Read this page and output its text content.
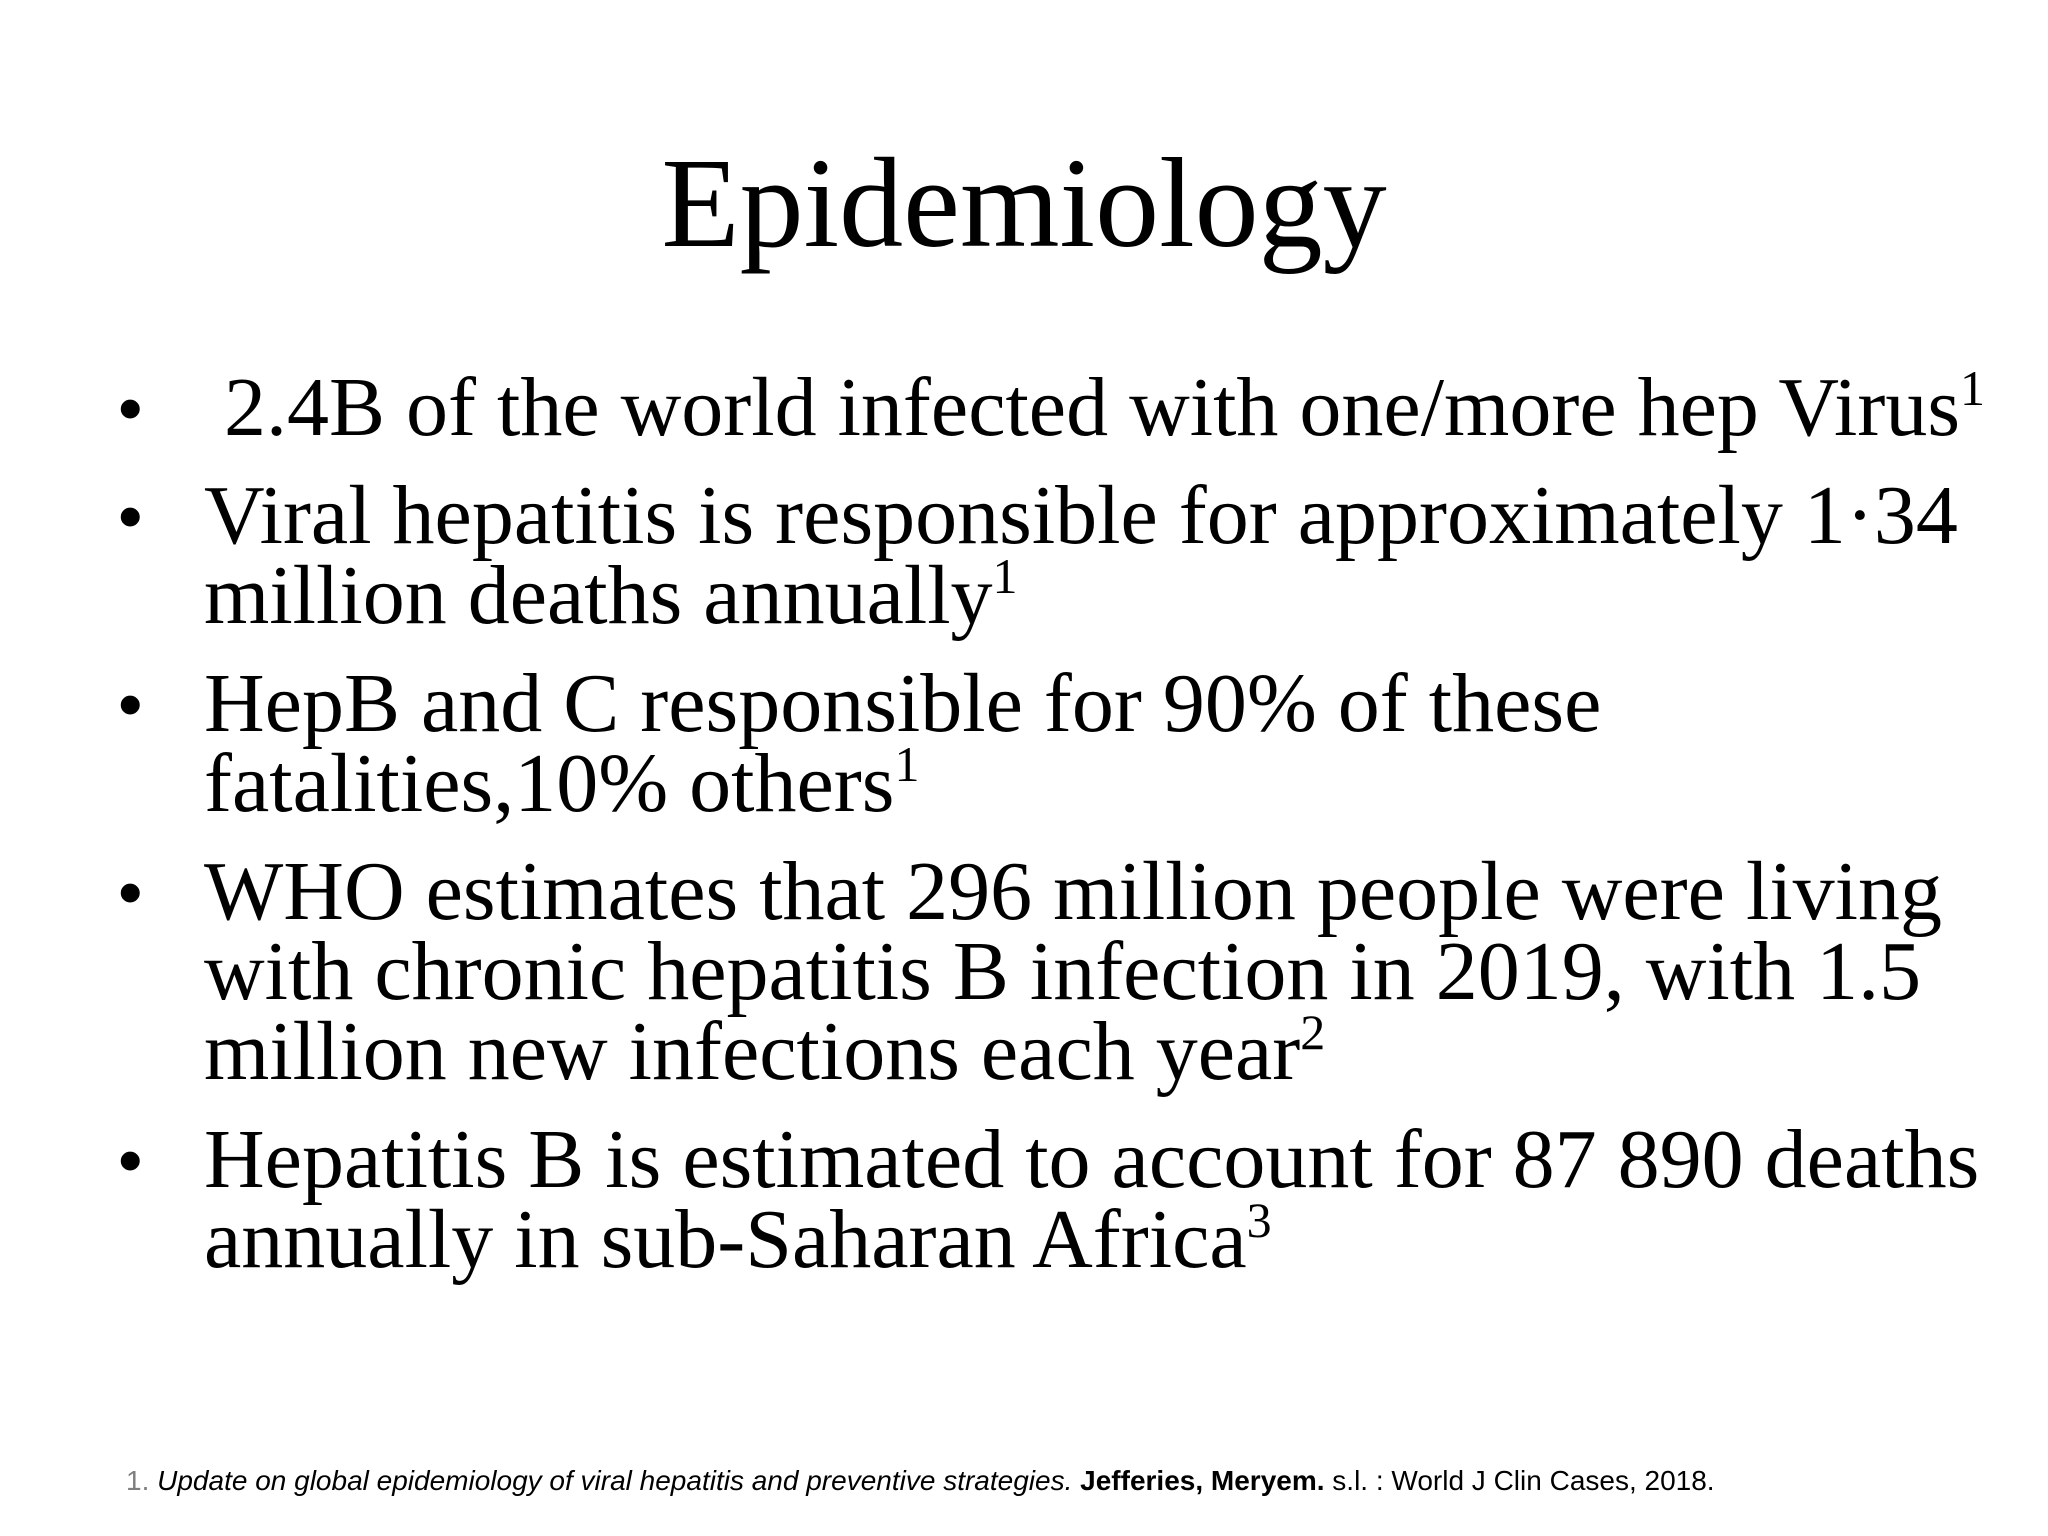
Epidemiology
• 2.4B of the world infected with one/more hep Virus$^1$
• Viral hepatitis is responsible for approximately 1·34 million deaths annually$^1$
• HepB and C responsible for 90% of these fatalities,10% others$^1$
• WHO estimates that 296 million people were living with chronic hepatitis B infection in 2019, with 1.5 million new infections each year$^2$
• Hepatitis B is estimated to account for 87 890 deaths annually in sub-Saharan Africa$^3$
1. Update on global epidemiology of viral hepatitis and preventive strategies. Jefferies, Meryem. s.l. : World J Clin Cases, 2018.
